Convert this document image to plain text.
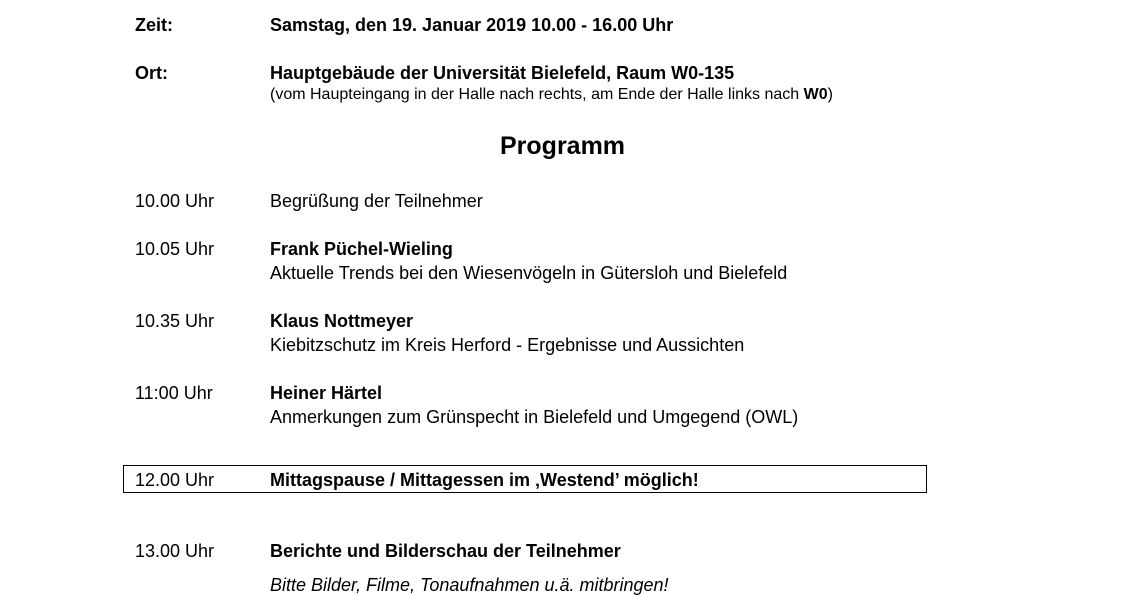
Zeit:	Samstag, den 19. Januar 2019 10.00 - 16.00 Uhr
Ort:	Hauptgebäude der Universität Bielefeld, Raum W0-135
(vom Haupteingang in der Halle nach rechts, am Ende der Halle links nach W0)
Programm
10.00 Uhr	Begrüßung der Teilnehmer
10.05 Uhr	Frank Püchel-Wieling
Aktuelle Trends bei den Wiesenvögeln in Gütersloh und Bielefeld
10.35 Uhr	Klaus Nottmeyer
Kiebitzschutz im Kreis Herford - Ergebnisse und Aussichten
11:00 Uhr	Heiner Härtel
Anmerkungen zum Grünspecht in Bielefeld und Umgegend (OWL)
12.00 Uhr	Mittagspause / Mittagessen im ‚Westend’ möglich!
13.00 Uhr	Berichte und Bilderschau der Teilnehmer
Bitte Bilder, Filme, Tonaufnahmen u.ä. mitbringen!
